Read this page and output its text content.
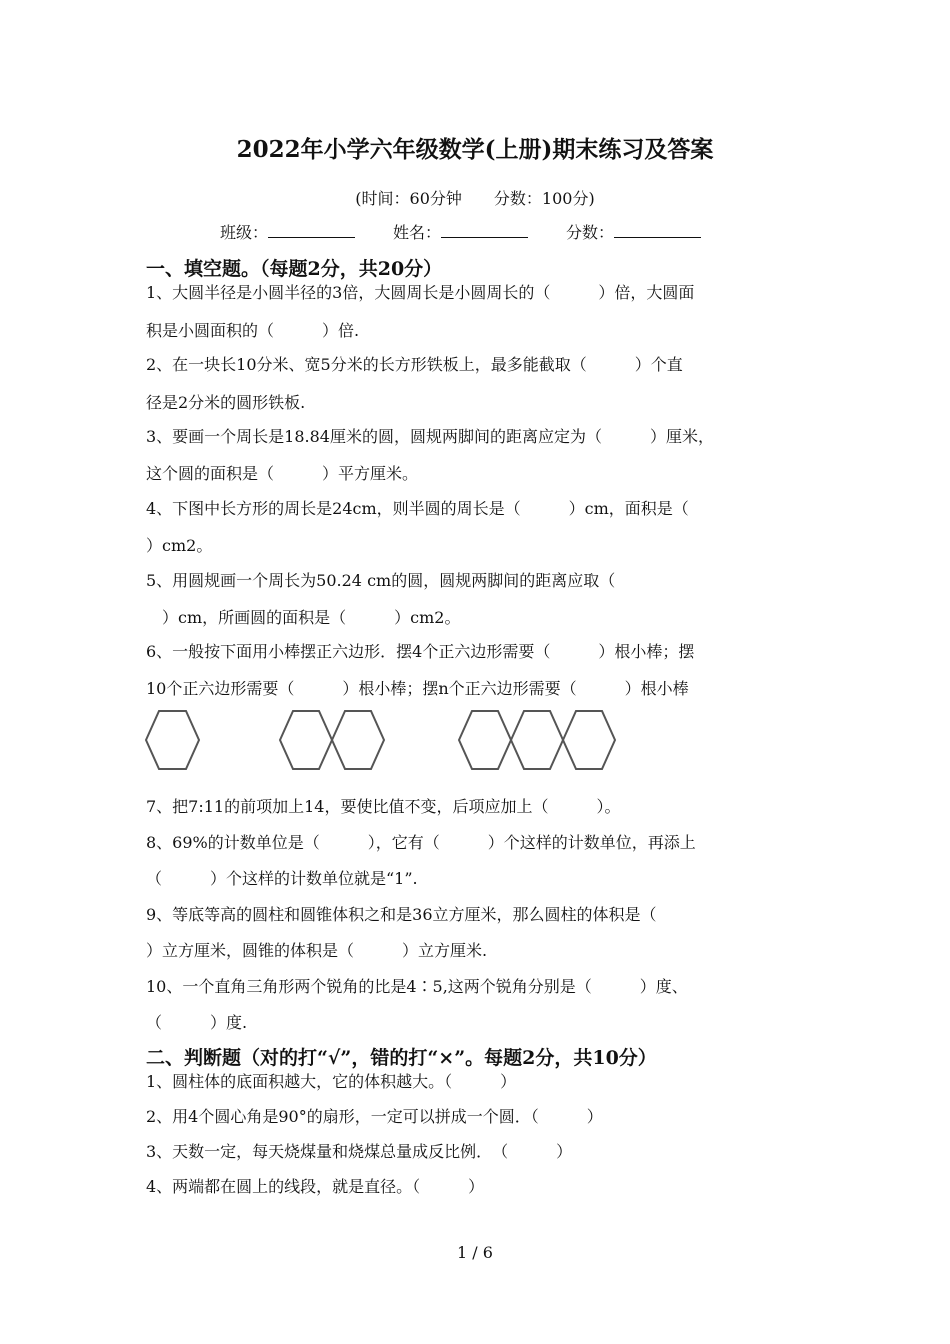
2022年小学六年级数学(上册)期末练习及答案
(时间：60分钟　　分数：100分)
班级：	姓名：	分数：
一、填空题。（每题2分，共20分）
1、大圆半径是小圆半径的3倍，大圆周长是小圆周长的（　　　）倍，大圆面
积是小圆面积的（　　　）倍.
2、在一块长10分米、宽5分米的长方形铁板上，最多能截取（　　　）个直
径是2分米的圆形铁板.
3、要画一个周长是18.84厘米的圆，圆规两脚间的距离应定为（　　　）厘米，
这个圆的面积是（　　　）平方厘米。
4、下图中长方形的周长是24cm，则半圆的周长是（　　　）cm，面积是（
）cm2。
5、用圆规画一个周长为50.24 cm的圆，圆规两脚间的距离应取（
　）cm，所画圆的面积是（　　　）cm2。
6、一般按下面用小棒摆正六边形．摆4个正六边形需要（　　　）根小棒；摆
10个正六边形需要（　　　）根小棒；摆n个正六边形需要（　　　）根小棒
7、把7:11的前项加上14，要使比值不变，后项应加上（　　　）。
8、69%的计数单位是（　　　），它有（　　　）个这样的计数单位，再添上
（　　　）个这样的计数单位就是“1”.
9、等底等高的圆柱和圆锥体积之和是36立方厘米，那么圆柱的体积是（
）立方厘米，圆锥的体积是（　　　）立方厘米.
10、一个直角三角形两个锐角的比是4∶5,这两个锐角分别是（　　　）度、
（　　　）度.
二、判断题（对的打“√”，错的打“×”。每题2分，共10分）
1、圆柱体的底面积越大，它的体积越大。（　　　）
2、用4个圆心角是90°的扇形，一定可以拼成一个圆．（　　　）
3、天数一定，每天烧煤量和烧煤总量成反比例．　（　　　）
4、两端都在圆上的线段，就是直径。（　　　）
1 / 6
